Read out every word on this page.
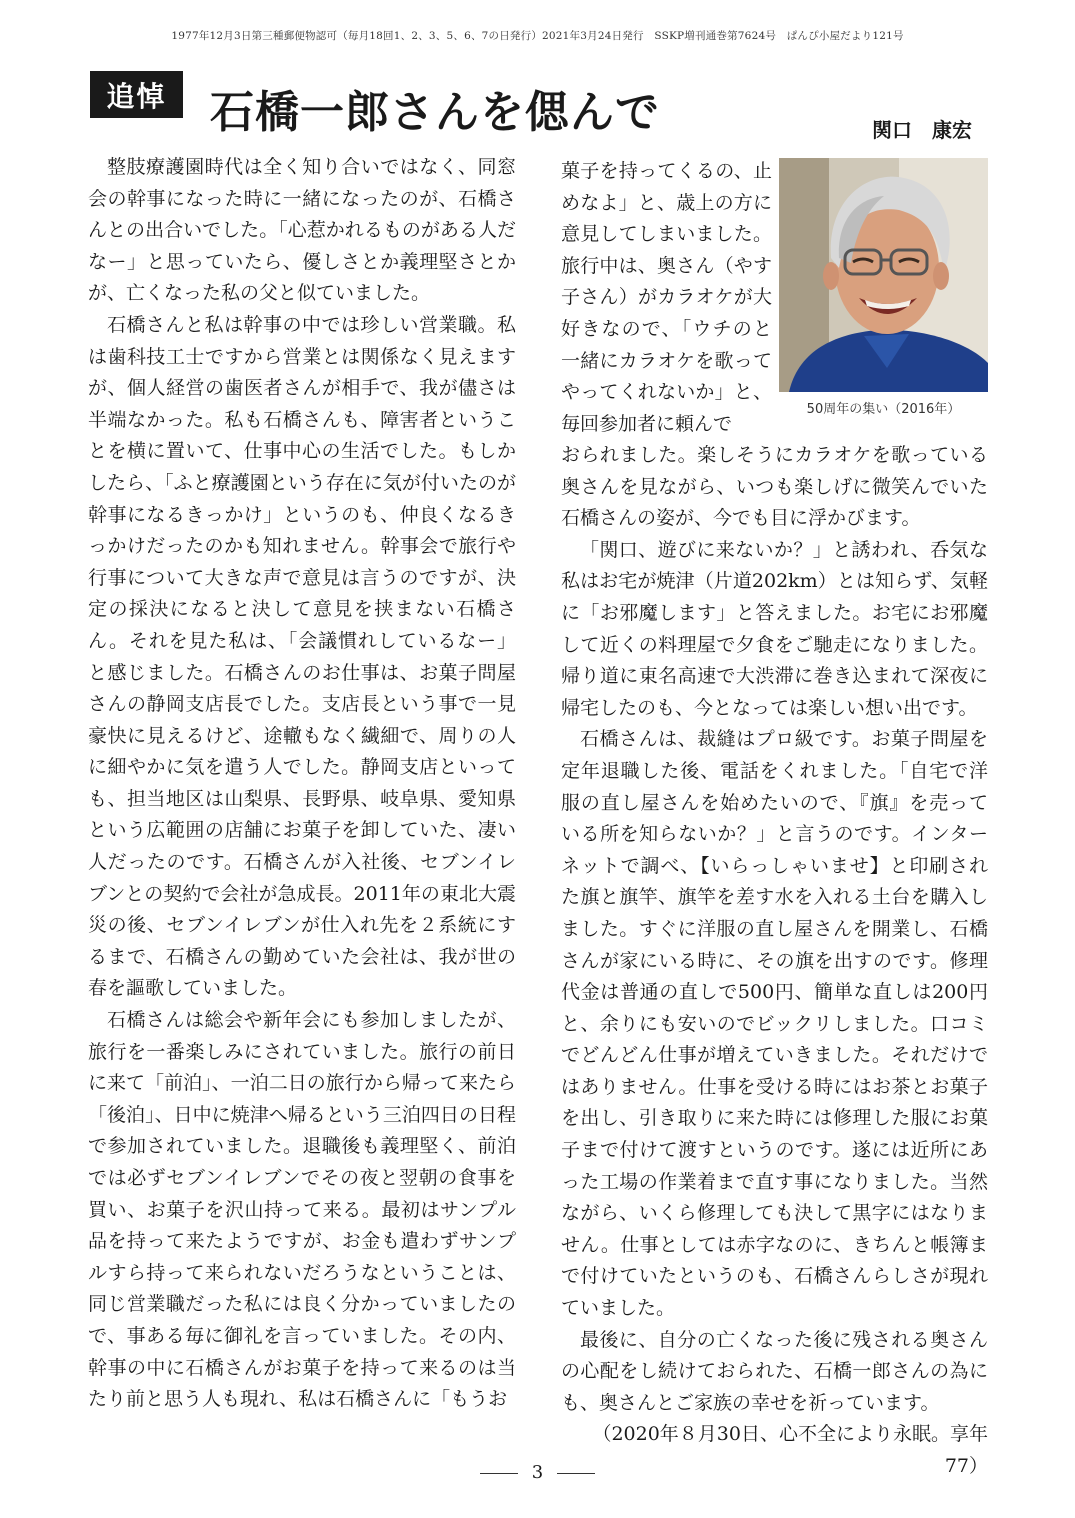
1977年12月3日第三種郵便物認可（毎月18回1、2、3、5、6、7の日発行）2021年3月24日発行　SSKP増刊通巻第7624号　ぱんぴ小屋だより121号
追悼 石橋一郎さんを偲んで	関口　康宏

整肢療護園時代は全く知り合いではなく、同窓会の幹事になった時に一緒になったのが、石橋さんとの出合いでした。「心惹かれるものがある人だなー」と思っていたら、優しさとか義理堅さとかが、亡くなった私の父と似ていました。

石橋さんと私は幹事の中では珍しい営業職。私は歯科技工士ですから営業とは関係なく見えますが、個人経営の歯医者さんが相手で、我が儘さは半端なかった。私も石橋さんも、障害者ということを横に置いて、仕事中心の生活でした。もしかしたら、「ふと療護園という存在に気が付いたのが幹事になるきっかけ」というのも、仲良くなるきっかけだったのかも知れません。幹事会で旅行や行事について大きな声で意見は言うのですが、決定の採決になると決して意見を挟まない石橋さん。それを見た私は、「会議慣れしているなー」と感じました。石橋さんのお仕事は、お菓子問屋さんの静岡支店長でした。支店長という事で一見豪快に見えるけど、途轍もなく繊細で、周りの人に細やかに気を遣う人でした。静岡支店といっても、担当地区は山梨県、長野県、岐阜県、愛知県という広範囲の店舗にお菓子を卸していた、凄い人だったのです。石橋さんが入社後、セブンイレブンとの契約で会社が急成長。2011年の東北大震災の後、セブンイレブンが仕入れ先を２系統にするまで、石橋さんの勤めていた会社は、我が世の春を謳歌していました。

石橋さんは総会や新年会にも参加しましたが、旅行を一番楽しみにされていました。旅行の前日に来て「前泊」、一泊二日の旅行から帰って来たら「後泊」、日中に焼津へ帰るという三泊四日の日程で参加されていました。退職後も義理堅く、前泊では必ずセブンイレブンでその夜と翌朝の食事を買い、お菓子を沢山持って来る。最初はサンプル品を持って来たようですが、お金も遣わずサンプルすら持って来られないだろうなということは、同じ営業職だった私には良く分かっていましたので、事ある毎に御礼を言っていました。その内、幹事の中に石橋さんがお菓子を持って来るのは当たり前と思う人も現れ、私は石橋さんに「もうお

菓子を持ってくるの、止めなよ」と、歳上の方に意見してしまいました。旅行中は、奥さん（やす子さん）がカラオケが大好きなので、「ウチのと一緒にカラオケを歌ってやってくれないか」と、毎回参加者に頼んで

50周年の集い（2016年）

おられました。楽しそうにカラオケを歌っている奥さんを見ながら、いつも楽しげに微笑んでいた石橋さんの姿が、今でも目に浮かびます。

「関口、遊びに来ないか？」と誘われ、呑気な私はお宅が焼津（片道202km）とは知らず、気軽に「お邪魔します」と答えました。お宅にお邪魔して近くの料理屋で夕食をご馳走になりました。帰り道に東名高速で大渋滞に巻き込まれて深夜に帰宅したのも、今となっては楽しい想い出です。

石橋さんは、裁縫はプロ級です。お菓子問屋を定年退職した後、電話をくれました。「自宅で洋服の直し屋さんを始めたいので、『旗』を売っている所を知らないか？」と言うのです。インターネットで調べ、【いらっしゃいませ】と印刷された旗と旗竿、旗竿を差す水を入れる土台を購入しました。すぐに洋服の直し屋さんを開業し、石橋さんが家にいる時に、その旗を出すのです。修理代金は普通の直しで500円、簡単な直しは200円と、余りにも安いのでビックリしました。口コミでどんどん仕事が増えていきました。それだけではありません。仕事を受ける時にはお茶とお菓子を出し、引き取りに来た時には修理した服にお菓子まで付けて渡すというのです。遂には近所にあった工場の作業着まで直す事になりました。当然ながら、いくら修理しても決して黒字にはなりません。仕事としては赤字なのに、きちんと帳簿まで付けていたというのも、石橋さんらしさが現れていました。

最後に、自分の亡くなった後に残される奥さんの心配をし続けておられた、石橋一郎さんの為にも、奥さんとご家族の幸せを祈っています。

（2020年８月30日、心不全により永眠。享年77）

3
